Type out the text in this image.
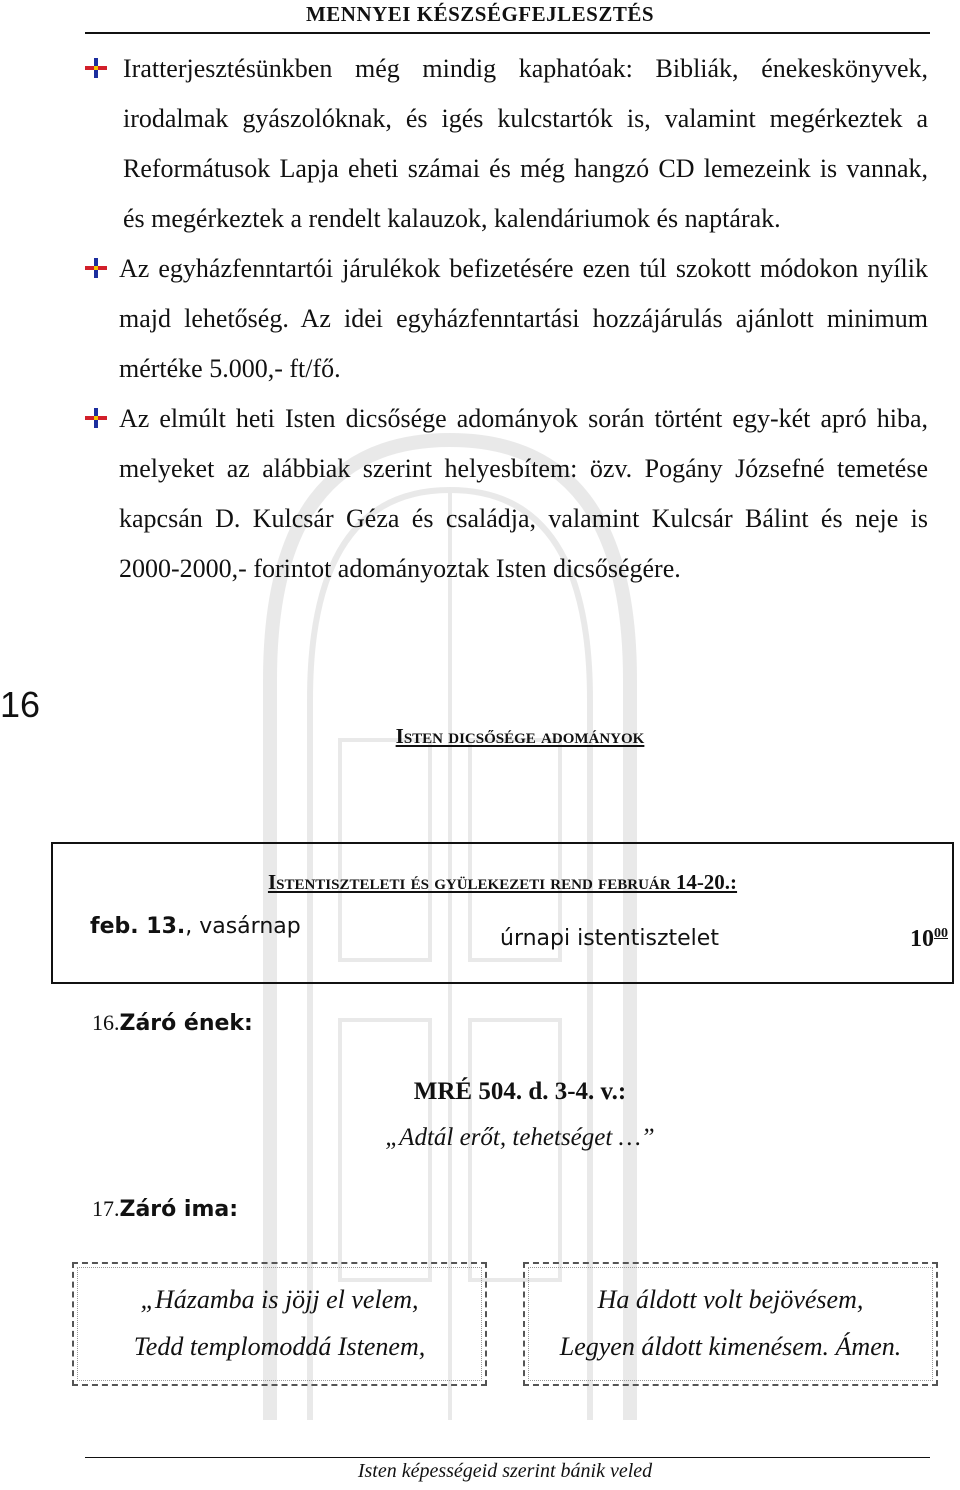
MENNYEI KÉSZSÉGFEJLESZTÉS
16
Iratterjesztésünkben még mindig kaphatóak: Bibliák, énekeskönyvek, irodalmak gyászolóknak, és igés kulcstartók is, valamint megérkeztek a Reformátusok Lapja eheti számai és még hangzó CD lemezeink is vannak, és megérkeztek a rendelt kalauzok, kalendáriumok és naptárak.
Az egyházfenntartói járulékok befizetésére ezen túl szokott módokon nyílik majd lehetőség. Az idei egyházfenntartási hozzájárulás ajánlott minimum mértéke 5.000,- ft/fő.
Az elmúlt heti Isten dicsősége adományok során történt egy-két apró hiba, melyeket az alábbiak szerint helyesbítem: özv. Pogány Józsefné temetése kapcsán D. Kulcsár Géza és családja, valamint Kulcsár Bálint és neje is 2000-2000,- forintot adományoztak Isten dicsőségére.
Isten dicsősége adományok
Istentiszteleti és gyülekezeti rend február 14-20.:
feb. 13., vasárnap	úrnapi istentisztelet	$10^{00}$
16.Záró ének:
MRÉ 504. d. 3-4. v.:
„Adtál erőt, tehetséget …”
17.Záró ima:
„Házamba is jöjj el velem,
Tedd templomoddá Istenem,
Ha áldott volt bejövésem,
Legyen áldott kimenésem. Ámen.
Isten képességeid szerint bánik veled
